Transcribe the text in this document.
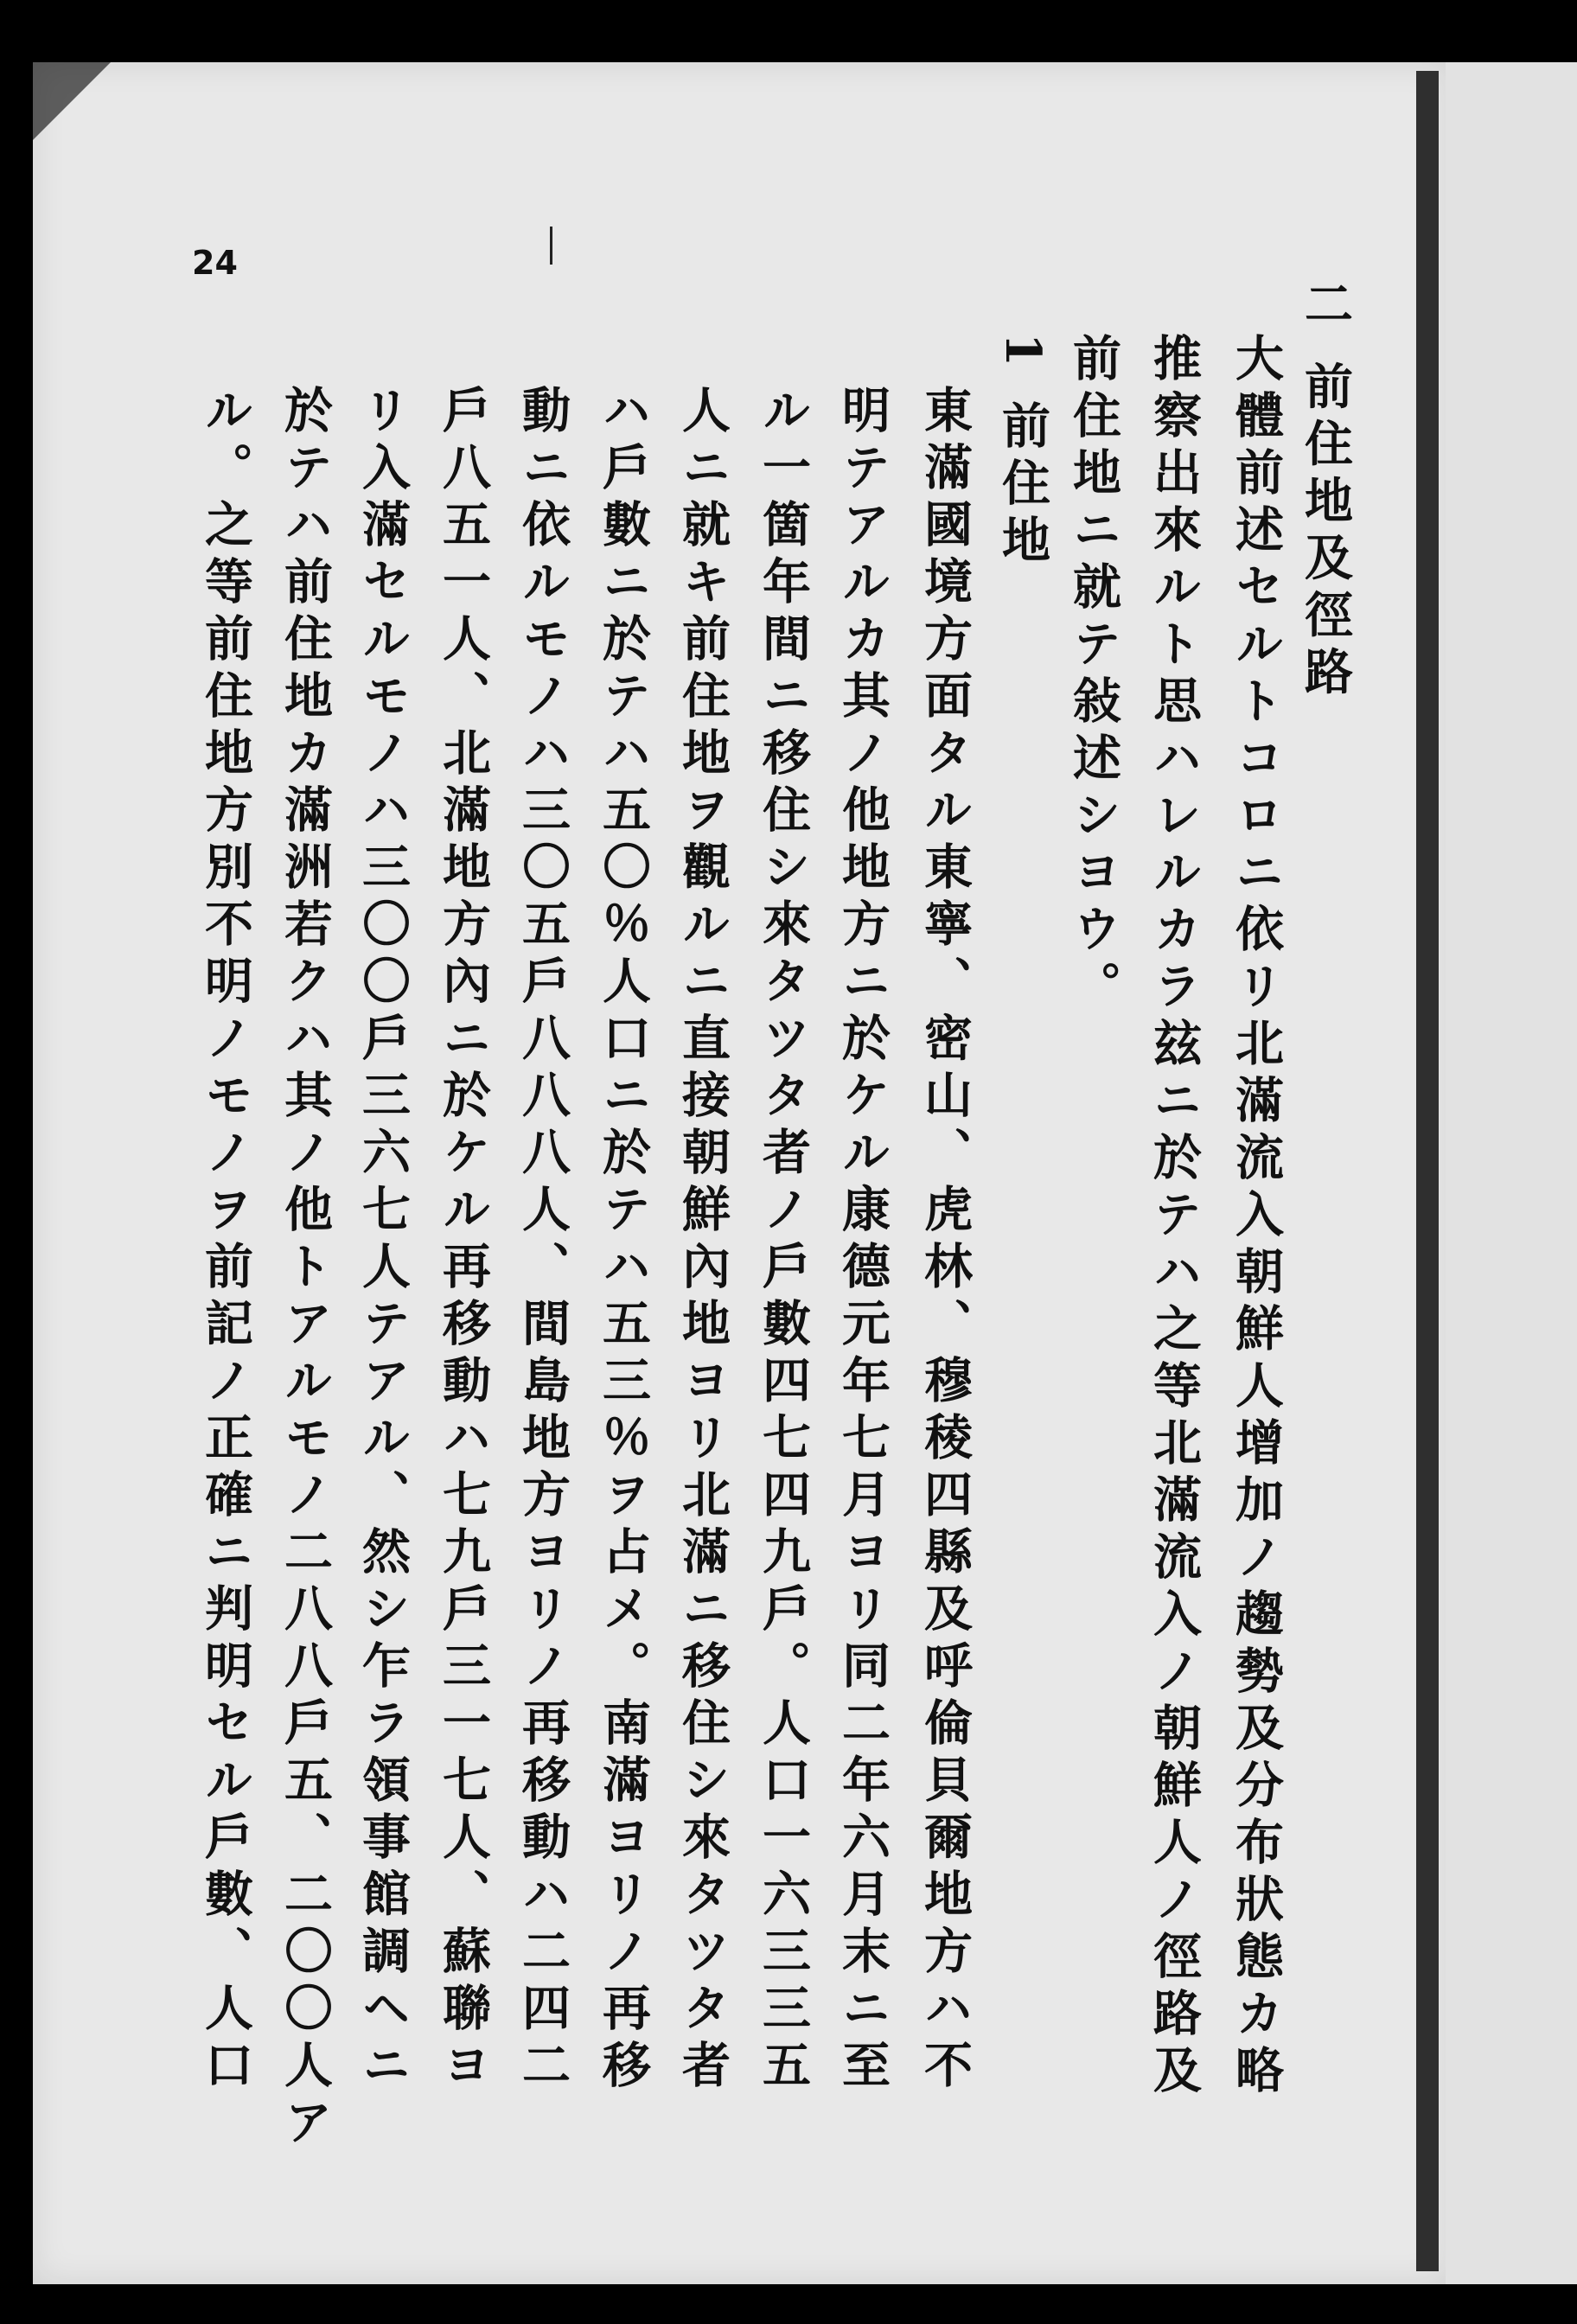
24
二 前住地及徑路
大體前述セルトコロニ依リ北滿流入朝鮮人增加ノ趨勢及分布狀態カ略
推察出來ルト思ハレルカラ玆ニ於テハ之等北滿流入ノ朝鮮人ノ徑路及
前住地ニ就テ敍述シヨウ。
1 前住地
東滿國境方面タル東寧、密山、虎林、穆稜四縣及呼倫貝爾地方ハ不
明テアルカ其ノ他地方ニ於ケル康德元年七月ヨリ同二年六月末ニ至
ル一箇年間ニ移住シ來タツタ者ノ戶數四七四九戶。人口一六三三五
人ニ就キ前住地ヲ觀ルニ直接朝鮮內地ヨリ北滿ニ移住シ來タツタ者
ハ戶數ニ於テハ五〇％人口ニ於テハ五三％ヲ占メ。南滿ヨリノ再移
動ニ依ルモノハ三〇五戶八八八人、間島地方ヨリノ再移動ハ二四二
戶八五一人、北滿地方內ニ於ケル再移動ハ七九戶三一七人、蘇聯ヨ
リ入滿セルモノハ三〇〇戶三六七人テアル、然シ乍ラ領事館調ヘニ
於テハ前住地カ滿洲若クハ其ノ他トアルモノ二八八戶五、二〇〇人ア
ル。之等前住地方別不明ノモノヲ前記ノ正確ニ判明セル戶數、人口
